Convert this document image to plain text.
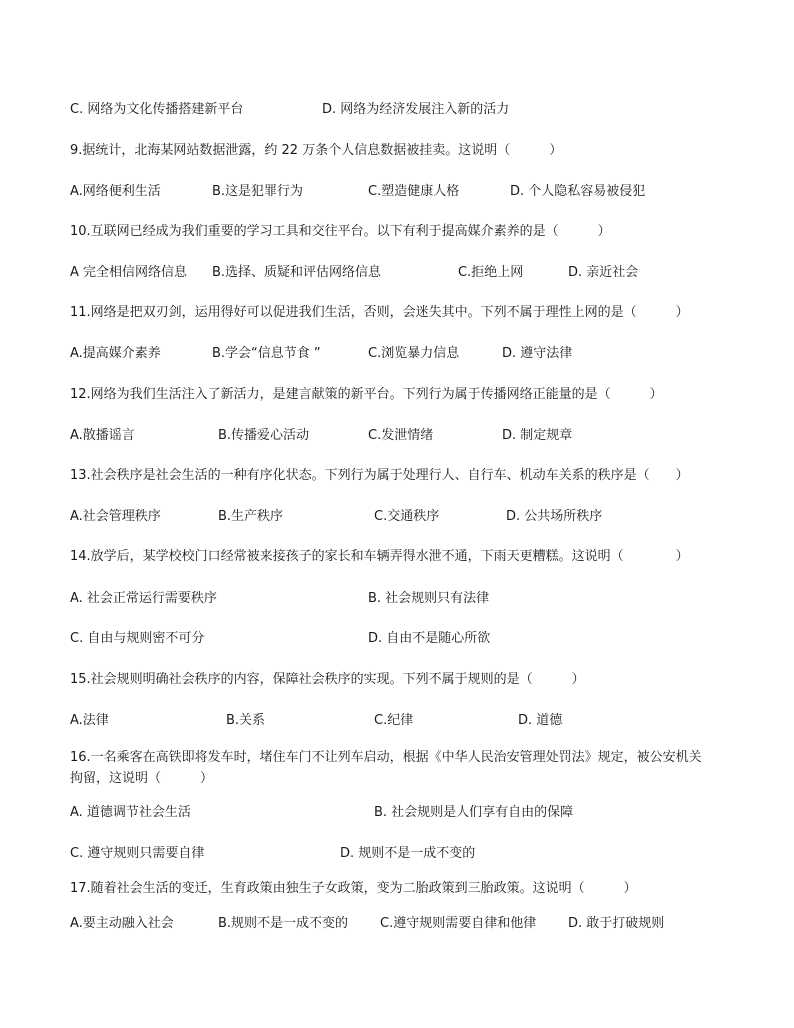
C. 网络为文化传播搭建新平台	D. 网络为经济发展注入新的活力
9.据统计，北海某网站数据泄露，约 22 万条个人信息数据被挂卖。这说明（　　　）
A.网络便利生活	B.这是犯罪行为	C.塑造健康人格	D. 个人隐私容易被侵犯
10.互联网已经成为我们重要的学习工具和交往平台。以下有利于提高媒介素养的是（　　　）
A 完全相信网络信息 B.选择、质疑和评估网络信息	C.拒绝上网	D. 亲近社会
11.网络是把双刃剑，运用得好可以促进我们生活，否则，会迷失其中。下列不属于理性上网的是（　　　）
A.提高媒介素养	B.学会“信息节食 ”	C.浏览暴力信息	D. 遵守法律
12.网络为我们生活注入了新活力，是建言献策的新平台。下列行为属于传播网络正能量的是（　　　）
A.散播谣言	B.传播爱心活动	C.发泄情绪	D. 制定规章
13.社会秩序是社会生活的一种有序化状态。下列行为属于处理行人、自行车、机动车关系的秩序是（　　）
A.社会管理秩序	B.生产秩序	C.交通秩序	D. 公共场所秩序
14.放学后，某学校校门口经常被来接孩子的家长和车辆弄得水泄不通，下雨天更糟糕。这说明（　　　　）
A. 社会正常运行需要秩序	B. 社会规则只有法律
C. 自由与规则密不可分	D. 自由不是随心所欲
15.社会规则明确社会秩序的内容，保障社会秩序的实现。下列不属于规则的是（　　　）
A.法律	B.关系	C.纪律	D. 道德
16.一名乘客在高铁即将发车时，堵住车门不让列车启动，根据《中华人民治安管理处罚法》规定，被公安机关
拘留，这说明（　　　）
A. 道德调节社会生活	B. 社会规则是人们享有自由的保障
C. 遵守规则只需要自律	D. 规则不是一成不变的
17.随着社会生活的变迁，生育政策由独生子女政策，变为二胎政策到三胎政策。这说明（　　　）
A.要主动融入社会	B.规则不是一成不变的 C.遵守规则需要自律和他律 D. 敢于打破规则
